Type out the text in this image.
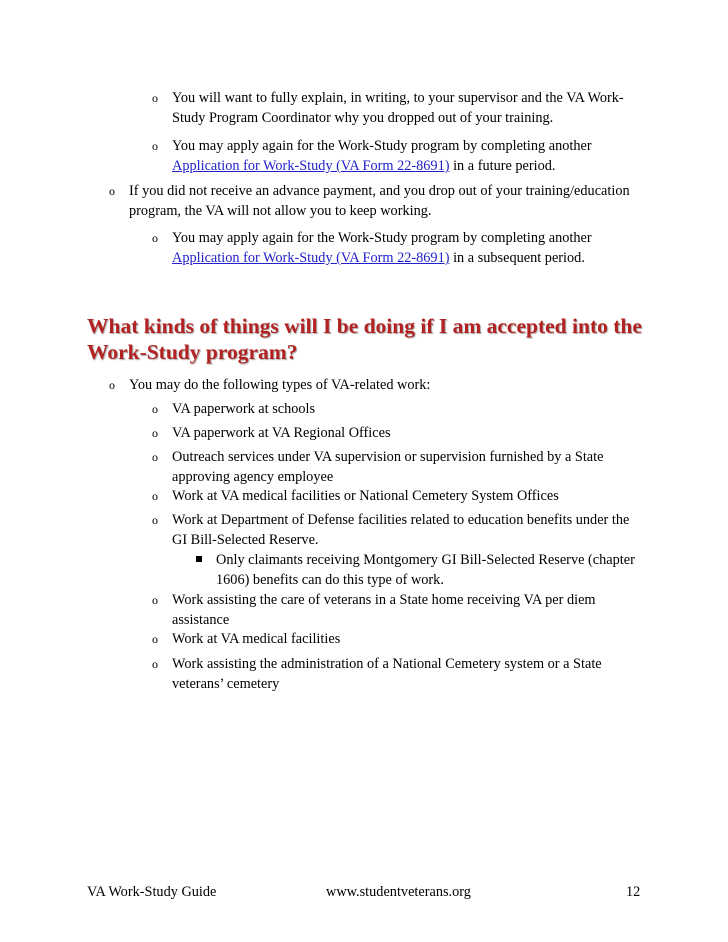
o You will want to fully explain, in writing, to your supervisor and the VA Work-Study Program Coordinator why you dropped out of your training.
o You may apply again for the Work-Study program by completing another Application for Work-Study (VA Form 22-8691) in a future period.
o If you did not receive an advance payment, and you drop out of your training/education program, the VA will not allow you to keep working.
o You may apply again for the Work-Study program by completing another Application for Work-Study (VA Form 22-8691) in a subsequent period.
What kinds of things will I be doing if I am accepted into the Work-Study program?
o You may do the following types of VA-related work:
o VA paperwork at schools
o VA paperwork at VA Regional Offices
o Outreach services under VA supervision or supervision furnished by a State approving agency employee
o Work at VA medical facilities or National Cemetery System Offices
o Work at Department of Defense facilities related to education benefits under the GI Bill-Selected Reserve.
Only claimants receiving Montgomery GI Bill-Selected Reserve (chapter 1606) benefits can do this type of work.
o Work assisting the care of veterans in a State home receiving VA per diem assistance
o Work at VA medical facilities
o Work assisting the administration of a National Cemetery system or a State veterans’ cemetery
VA Work-Study Guide	www.studentveterans.org	12
